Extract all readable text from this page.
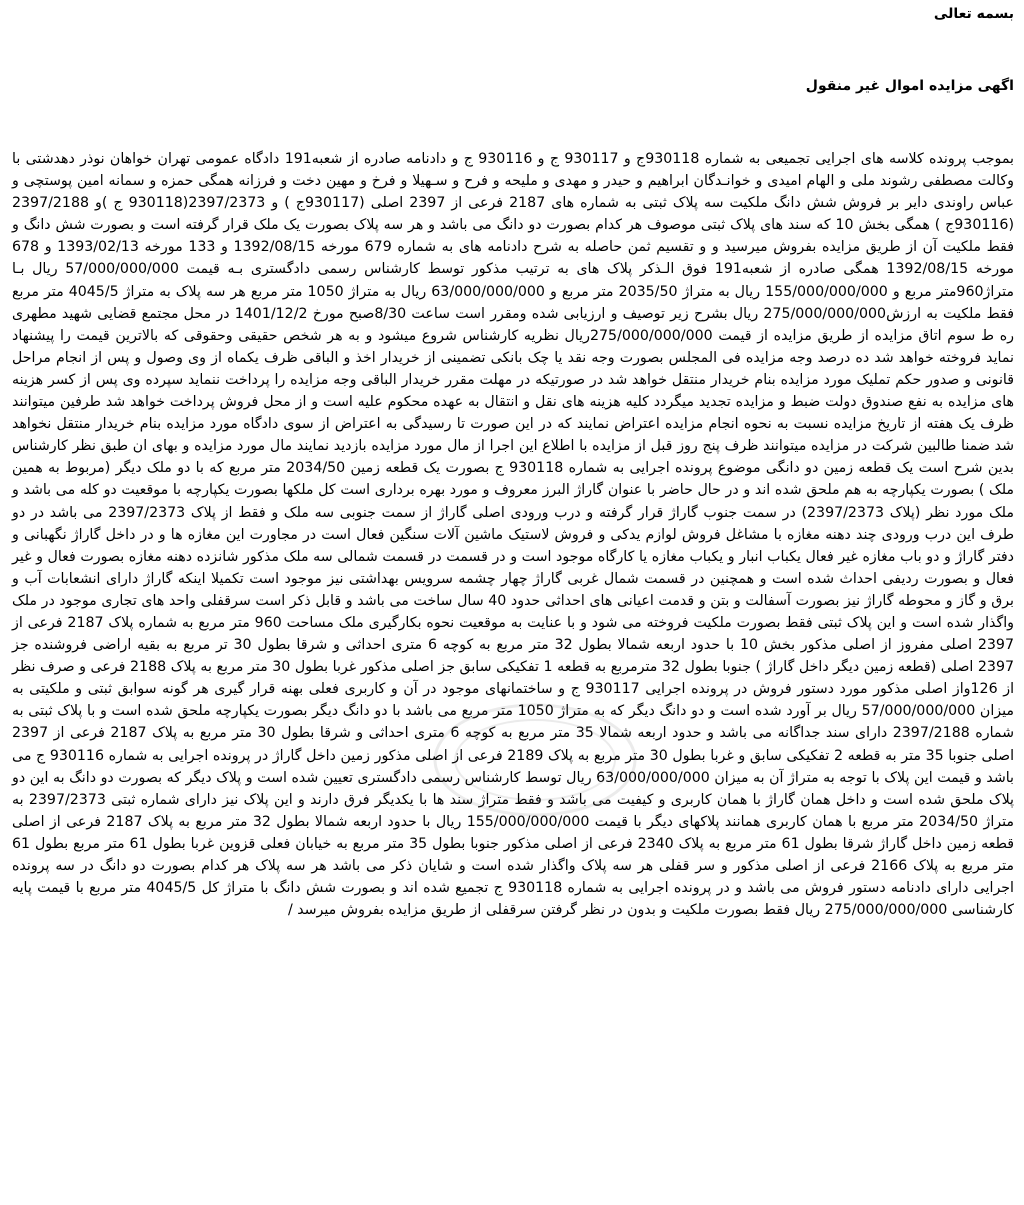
بسمه تعالی
اگهی مزایده اموال غیر منقول
بموجب پرونده کلاسه های اجرایی تجمیعی به شماره 930118ج و 930117 ج و 930116 ج و دادنامه صادره از شعبه191 دادگاه عمومی تهران خواهان نوذر دهدشتی با وکالت مصطفی رشوند ملی و الهام امیدی و خوانـدگان ابراهیم و حیدر و مهدی و ملیحه و فرح و سـهیلا و فرخ و مهین دخت و فرزانه همگی حمزه و سمانه امین پوستچی و عباس راوندی دایر بر فروش شش دانگ ملکیت سه پلاک ثبتی به شماره های 2187 فرعی از 2397 اصلی (930117ج ) و 2397/2373(930118 ج )و 2397/2188 (930116ج ) همگی بخش 10 که سند های پلاک ثبتی موصوف هر کدام بصورت دو دانگ می باشد و هر سه پلاک بصورت یک ملک قرار گرفته است و بصورت شش دانگ و فقط ملکیت آن از طریق مزایده بفروش میرسید و و تقسیم ثمن حاصله به شرح دادنامه های به شماره 679 مورخه 1392/08/15 و 133 مورخه 1393/02/13 و 678 مورخه 1392/08/15 همگی صادره از شعبه191 فوق الـذکر پلاک های به ترتیب مذکور توسط کارشناس رسمی دادگستری بـه قیمت 57/000/000/000 ریال بـا متراژ960متر مربع و 155/000/000/000 ریال به متراژ 2035/50 متر مربع و 63/000/000/000 ریال به متراژ 1050 متر مربع هر سه پلاک به متراژ 4045/5 متر مربع فقط ملکیت به ارزش275/000/000/000 ریال بشرح زیر توصیف و ارزیابی شده ومقرر است ساعت 8/30صبح مورخ 1401/12/2 در محل مجتمع قضایی شهید مطهری ره ط سوم اتاق مزایده از طریق مزایده از قیمت 275/000/000/000ریال نظریه کارشناس شروع میشود و به هر شخص حقیقی وحقوقی که بالاترین قیمت را پیشنهاد نماید فروخته خواهد شد ده درصد وجه مزایده فی المجلس بصورت وجه نقد یا چک بانکی تضمینی از خریدار اخذ و الباقی ظرف یکماه از وی وصول و پس از انجام مراحل قانونی و صدور حکم تملیک مورد مزایده بنام خریدار منتقل خواهد شد در صورتیکه در مهلت مقرر خریدار الباقی وجه مزایده را پرداخت ننماید سپرده وی پس از کسر هزینه های مزایده به نفع صندوق دولت ضبط و مزایده تجدید میگردد کلیه هزینه های نقل و انتقال به عهده محکوم علیه است و از محل فروش پرداخت خواهد شد طرفین میتوانند ظرف یک هفته از تاریخ مزایده نسبت به نحوه انجام مزایده اعتراض نمایند که در این صورت تا رسیدگی به اعتراض از سوی دادگاه مورد مزایده بنام خریدار منتقل نخواهد شد ضمنا طالبین شرکت در مزایده میتوانند ظرف پنج روز قبل از مزایده با اطلاع این اجرا از مال مورد مزایده بازدید نمایند مال مورد مزایده و بهای ان طبق نظر کارشناس بدین شرح است یک قطعه زمین دو دانگی موضوع پرونده اجرایی به شماره 930118 ج بصورت یک قطعه زمین 2034/50 متر مربع که با دو ملک دیگر (مربوط به همین ملک ) بصورت یکپارچه به هم ملحق شده اند و در حال حاضر با عنوان گاراژ البرز معروف و مورد بهره برداری است کل ملکها بصورت یکپارچه با موقعیت دو کله می باشد و ملک مورد نظر (پلاک 2397/2373) در سمت جنوب گاراژ قرار گرفته و درب ورودی اصلی گاراژ از سمت جنوبی سه ملک و فقط از پلاک 2397/2373 می باشد در دو طرف این درب ورودی چند دهنه مغازه با مشاغل فروش لوازم یدکی و فروش لاستیک ماشین آلات سنگین فعال است در مجاورت این مغازه ها و در داخل گاراژ نگهبانی و دفتر گاراژ و دو باب مغازه غیر فعال یکباب انبار و یکباب مغازه یا کارگاه موجود است و در قسمت در قسمت شمالی سه ملک مذکور شانزده دهنه مغازه بصورت فعال و غیر فعال و بصورت ردیفی احداث شده است و همچنین در قسمت شمال غربی گاراژ چهار چشمه سرویس بهداشتی نیز موجود است تکمیلا اینکه گاراژ دارای انشعابات آب و برق و گاز و محوطه گاراژ نیز بصورت آسفالت و بتن و قدمت اعیانی های احداثی حدود 40 سال ساخت می باشد و قابل ذکر است سرقفلی واحد های تجاری موجود در ملک واگذار شده است و این پلاک ثبتی فقط بصورت ملکیت فروخته می شود و با عنایت به موقعیت نحوه بکارگیری ملک مساحت 960 متر مربع به شماره پلاک 2187 فرعی از 2397 اصلی مفروز از اصلی مذکور بخش 10 با حدود اربعه شمالا بطول 32 متر مربع به کوچه 6 متری احداثی و شرقا بطول 30 تر مربع به بقیه اراضی فروشنده جز 2397 اصلی (قطعه زمین دیگر داخل گاراژ ) جنوبا بطول 32 مترمربع به قطعه 1 تفکیکی سابق جز اصلی مذکور غربا بطول 30 متر مربع به پلاک 2188 فرعی و صرف نظر از 126واز اصلی مذکور مورد دستور فروش در پرونده اجرایی 930117 ج و ساختمانهای موجود در آن و کاربری فعلی بهنه قرار گیری هر گونه سوابق ثبتی و ملکیتی به میزان 57/000/000/000 ریال بر آورد شده است و دو دانگ دیگر که به متراژ 1050 متر مربع می باشد با دو دانگ دیگر بصورت یکپارچه ملحق شده است و با پلاک ثبتی به شماره 2397/2188 دارای سند جداگانه می باشد و حدود اربعه شمالا 35 متر مربع به کوچه 6 متری احداثی و شرقا بطول 30 متر مربع به پلاک 2187 فرعی از 2397 اصلی جنوبا 35 متر به قطعه 2 تفکیکی سابق و غربا بطول 30 متر مربع به پلاک 2189 فرعی از اصلی مذکور زمین داخل گاراژ در پرونده اجرایی به شماره 930116 ج می باشد و قیمت این پلاک با توجه به متراژ آن به میزان 63/000/000/000 ریال توسط کارشناس رسمی دادگستری تعیین شده است و پلاک دیگر که بصورت دو دانگ به این دو پلاک ملحق شده است و داخل همان گاراژ با همان کاربری و کیفیت می باشد و فقط متراژ سند ها با یکدیگر فرق دارند و این پلاک نیز دارای شماره ثبتی 2397/2373 به متراژ 2034/50 متر مربع با همان کاربری همانند پلاکهای دیگر با قیمت 155/000/000/000 ریال با حدود اربعه شمالا بطول 32 متر مربع به پلاک 2187 فرعی از اصلی قطعه زمین داخل گاراژ شرقا بطول 61 متر مربع به پلاک 2340 فرعی از اصلی مذکور جنوبا بطول 35 متر مربع به خیابان فعلی قزوین غربا بطول 61 متر مربع بطول 61 متر مربع به پلاک 2166 فرعی از اصلی مذکور و سر قفلی هر سه پلاک واگذار شده است و شایان ذکر می باشد هر سه پلاک هر کدام بصورت دو دانگ در سه پرونده اجرایی دارای دادنامه دستور فروش می باشد و در پرونده اجرایی به شماره 930118 ج تجمیع شده اند و بصورت شش دانگ با متراژ کل 4045/5 متر مربع با قیمت پایه کارشناسی 275/000/000/000 ریال فقط بصورت ملکیت و بدون در نظر گرفتن سرقفلی از طریق مزایده بفروش میرسد /
